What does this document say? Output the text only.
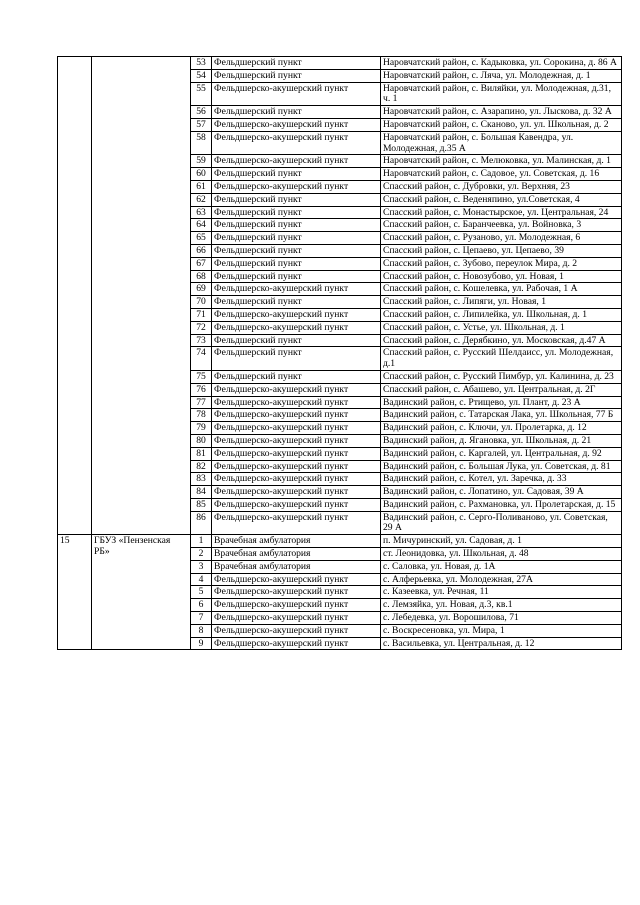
		53	Фельдшерский пункт	Наровчатский район, с. Кадыковка, ул. Сорокина, д. 86 А
		54	Фельдшерский пункт	Наровчатский район, с. Ляча, ул. Молодежная, д. 1
		55	Фельдшерско-акушерский пункт	Наровчатский район, с. Виляйки, ул. Молодежная, д.31, ч. 1
		56	Фельдшерский пункт	Наровчатский район, с. Азарапино, ул. Лыскова, д. 32 А
		57	Фельдшерско-акушерский пункт	Наровчатский район, с. Сканово, ул. ул. Школьная, д. 2
		58	Фельдшерско-акушерский пункт	Наровчатский район, с. Большая Кавендра, ул. Молодежная, д.35 А
		59	Фельдшерско-акушерский пункт	Наровчатский район, с. Мелюковка, ул. Малинская, д. 1
		60	Фельдшерский пункт	Наровчатский район, с. Садовое, ул. Советская, д. 16
		61	Фельдшерско-акушерский пункт	Спасский район, с. Дубровки, ул. Верхняя, 23
		62	Фельдшерский пункт	Спасский район, с. Веденяпино, ул.Советская, 4
		63	Фельдшерский пункт	Спасский район, с. Монастырское, ул. Центральная, 24
		64	Фельдшерский пункт	Спасский район, с. Баранчеевка, ул. Войновка, 3
		65	Фельдшерский пункт	Спасский район, с. Рузаново, ул. Молодежная, 6
		66	Фельдшерский пункт	Спасский район, с. Цепаево, ул. Цепаево, 39
		67	Фельдшерский пункт	Спасский район, с. Зубово, переулок Мира, д. 2
		68	Фельдшерский пункт	Спасский район, с. Новозубово, ул. Новая, 1
		69	Фельдшерско-акушерский пункт	Спасский район, с. Кошелевка, ул. Рабочая, 1 А
		70	Фельдшерский пункт	Спасский район, с. Липяги, ул. Новая, 1
		71	Фельдшерско-акушерский пункт	Спасский район, с. Липилейка, ул. Школьная, д. 1
		72	Фельдшерско-акушерский пункт	Спасский район, с. Устье, ул. Школьная, д. 1
		73	Фельдшерский пункт	Спасский район, с. Дерябкино, ул. Московская, д.47 А
		74	Фельдшерский пункт	Спасский район, с. Русский Шелдаисс, ул. Молодежная, д.1
		75	Фельдшерский пункт	Спасский район, с. Русский Пимбур, ул. Калинина, д. 23
		76	Фельдшерско-акушерский пункт	Спасский район, с. Абашево, ул. Центральная, д. 2Г
		77	Фельдшерско-акушерский пункт	Вадинский район, с. Ртищево, ул. Плант, д. 23 А
		78	Фельдшерско-акушерский пункт	Вадинский район, с. Татарская Лака, ул. Школьная, 77 Б
		79	Фельдшерско-акушерский пункт	Вадинский район, с. Ключи, ул. Пролетарка, д. 12
		80	Фельдшерско-акушерский пункт	Вадинский район, д. Ягановка, ул. Школьная, д. 21
		81	Фельдшерско-акушерский пункт	Вадинский район, с. Каргалей, ул. Центральная, д. 92
		82	Фельдшерско-акушерский пункт	Вадинский район, с. Большая Лука, ул. Советская, д. 81
		83	Фельдшерско-акушерский пункт	Вадинский район, с. Котел, ул. Заречка, д. 33
		84	Фельдшерско-акушерский пункт	Вадинский район, с. Лопатино, ул. Садовая, 39 А
		85	Фельдшерско-акушерский пункт	Вадинский район, с. Рахмановка, ул. Пролетарская, д. 15
		86	Фельдшерско-акушерский пункт	Вадинский район, с. Серго-Поливаново, ул. Советская, 29 А
15	ГБУЗ «Пензенская РБ»	1	Врачебная амбулатория	п. Мичуринский, ул. Садовая, д. 1
		2	Врачебная амбулатория	ст. Леонидовка, ул. Школьная, д. 48
		3	Врачебная амбулатория	с. Саловка, ул. Новая, д. 1А
		4	Фельдшерско-акушерский пункт	с. Алферьевка, ул. Молодежная, 27А
		5	Фельдшерско-акушерский пункт	с. Казеевка, ул. Речная, 11
		6	Фельдшерско-акушерский пункт	с. Лемзяйка, ул. Новая, д.3, кв.1
		7	Фельдшерско-акушерский пункт	с. Лебедевка, ул. Ворошилова, 71
		8	Фельдшерско-акушерский пункт	с. Воскресеновка, ул. Мира, 1
		9	Фельдшерско-акушерский пункт	с. Васильевка, ул. Центральная, д. 12
